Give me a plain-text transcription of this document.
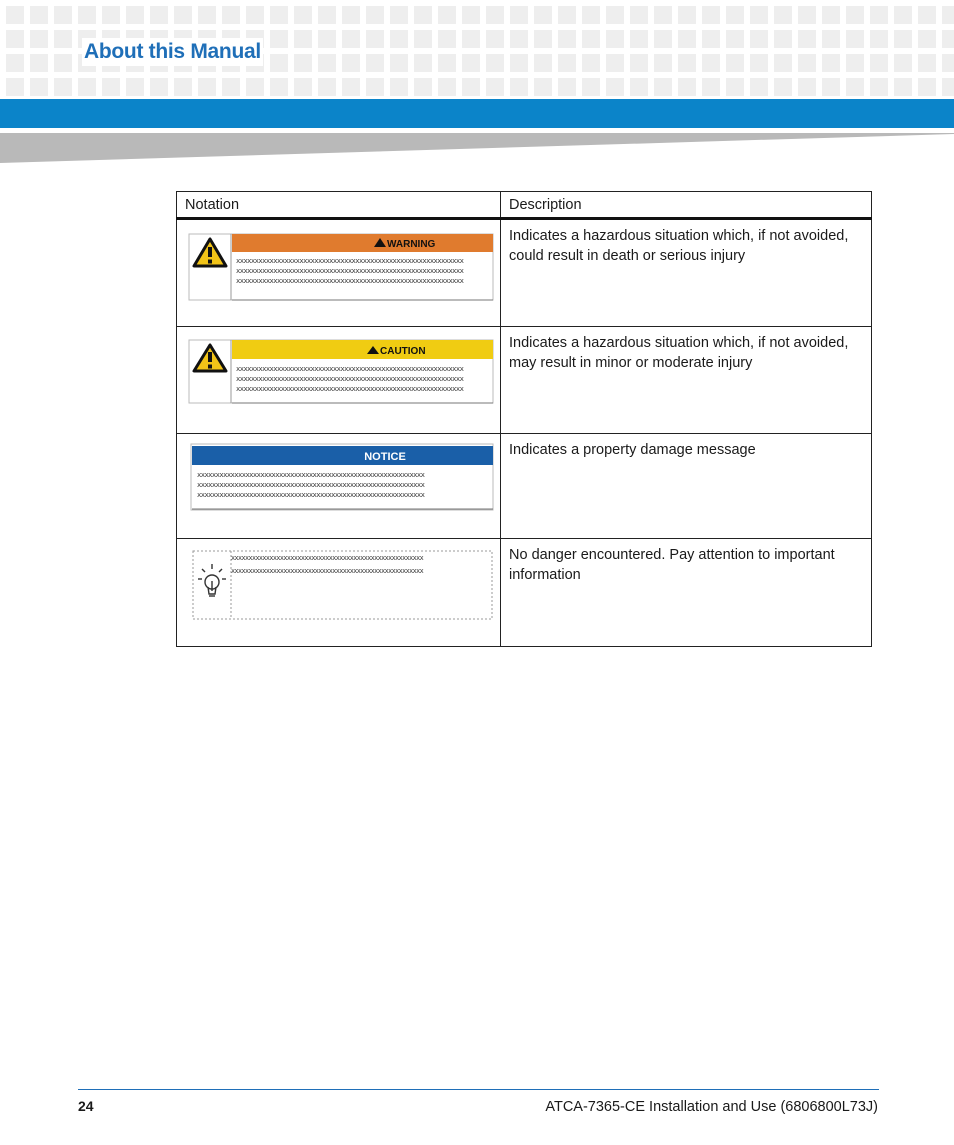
About this Manual
Notation	Description

WARNING
xxxxxxxxxxxxxxxxxxxxxxxxxxxxxxxxxxxxxxxxxxxxxxxxxxxxxxxxxxxxx
xxxxxxxxxxxxxxxxxxxxxxxxxxxxxxxxxxxxxxxxxxxxxxxxxxxxxxxxxxxxx
xxxxxxxxxxxxxxxxxxxxxxxxxxxxxxxxxxxxxxxxxxxxxxxxxxxxxxxxxxxxx	Indicates a hazardous situation which, if not avoided, could result in death or serious injury

CAUTION
xxxxxxxxxxxxxxxxxxxxxxxxxxxxxxxxxxxxxxxxxxxxxxxxxxxxxxxxxxxxx
xxxxxxxxxxxxxxxxxxxxxxxxxxxxxxxxxxxxxxxxxxxxxxxxxxxxxxxxxxxxx
xxxxxxxxxxxxxxxxxxxxxxxxxxxxxxxxxxxxxxxxxxxxxxxxxxxxxxxxxxxxx	Indicates a hazardous situation which, if not avoided, may result in minor or moderate injury

NOTICE
xxxxxxxxxxxxxxxxxxxxxxxxxxxxxxxxxxxxxxxxxxxxxxxxxxxxxxxxxxxxx
xxxxxxxxxxxxxxxxxxxxxxxxxxxxxxxxxxxxxxxxxxxxxxxxxxxxxxxxxxxxx
xxxxxxxxxxxxxxxxxxxxxxxxxxxxxxxxxxxxxxxxxxxxxxxxxxxxxxxxxxxxx	Indicates a property damage message

xxxxxxxxxxxxxxxxxxxxxxxxxxxxxxxxxxxxxxxxxxxxxxxxxxxxxxx
xxxxxxxxxxxxxxxxxxxxxxxxxxxxxxxxxxxxxxxxxxxxxxxxxxxxxxx	No danger encountered. Pay attention to important information
24	ATCA-7365-CE Installation and Use (6806800L73J)
